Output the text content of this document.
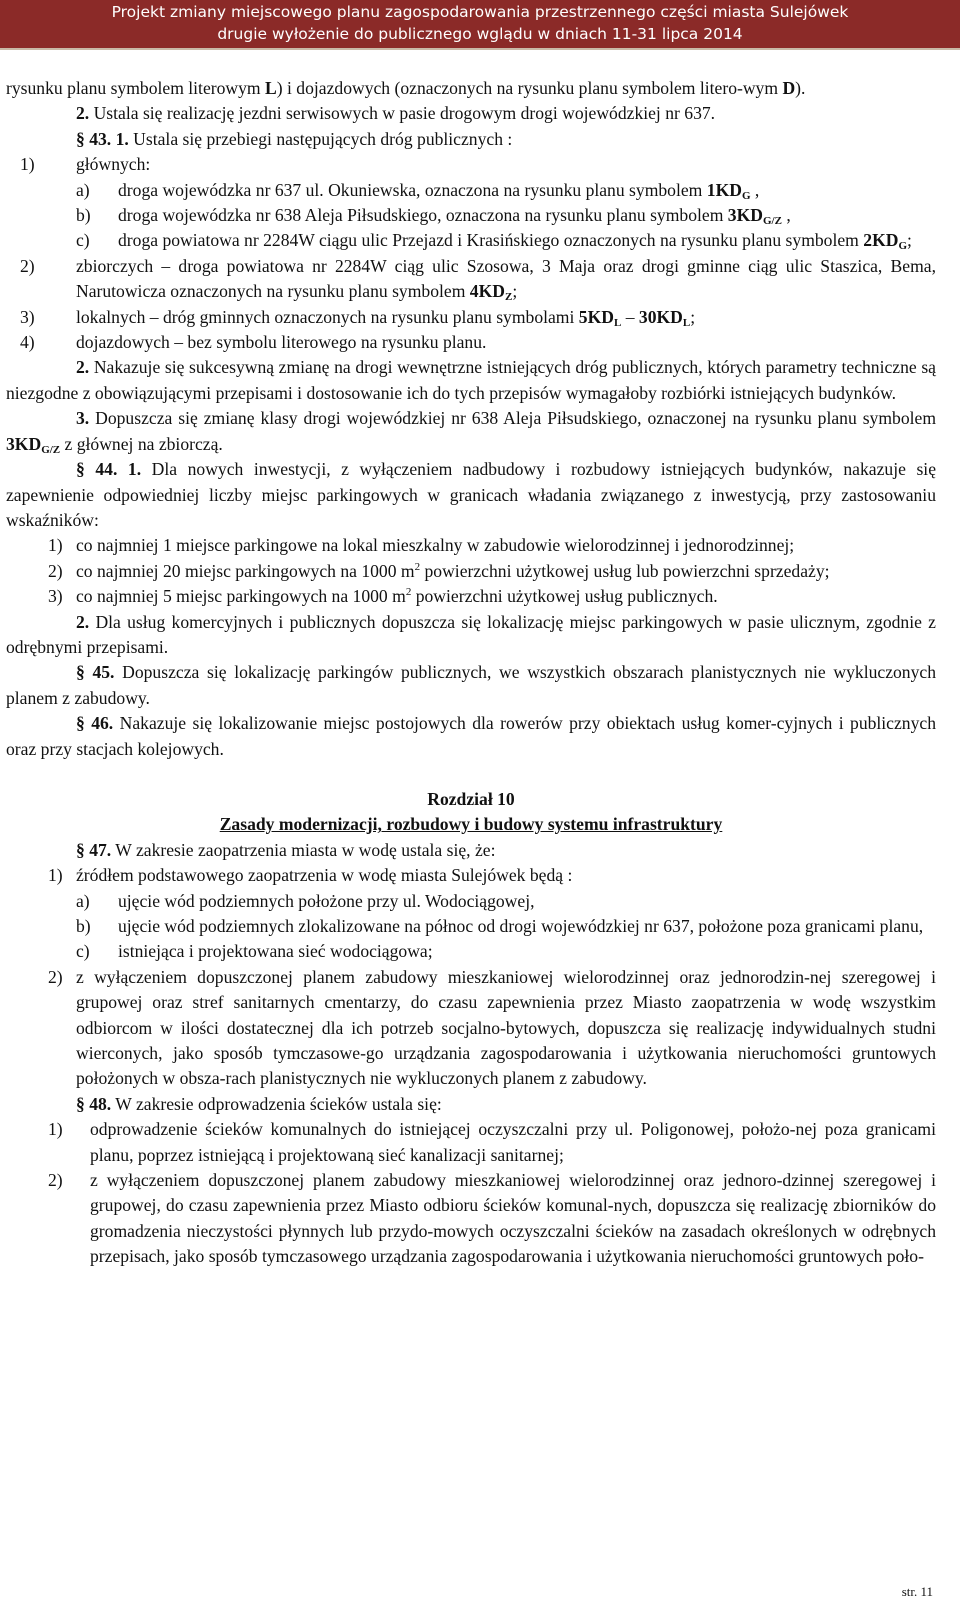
Projekt zmiany miejscowego planu zagospodarowania przestrzennego części miasta Sulejówek
drugie wyłożenie do publicznego wglądu w dniach 11-31 lipca 2014

rysunku planu symbolem literowym L) i dojazdowych (oznaczonych na rysunku planu symbolem litero-wym D).

2. Ustala się realizację jezdni serwisowych w pasie drogowym drogi wojewódzkiej nr 637.

§ 43. 1. Ustala się przebiegi następujących dróg publicznych :

1) głównych:
a) droga wojewódzka nr 637 ul. Okuniewska, oznaczona na rysunku planu symbolem $1KD_G$ ,
b) droga wojewódzka nr 638 Aleja Piłsudskiego, oznaczona na rysunku planu symbolem $3KD_{G/Z}$ ,
c) droga powiatowa nr 2284W ciągu ulic Przejazd i Krasińskiego oznaczonych na rysunku planu symbolem $2KD_G$;
2) zbiorczych – droga powiatowa nr 2284W ciąg ulic Szosowa, 3 Maja oraz drogi gminne ciąg ulic Staszica, Bema, Narutowicza oznaczonych na rysunku planu symbolem $4KD_Z$;
3) lokalnych – dróg gminnych oznaczonych na rysunku planu symbolami $5KD_L - 30KD_L$;
4) dojazdowych – bez symbolu literowego na rysunku planu.

2. Nakazuje się sukcesywną zmianę na drogi wewnętrzne istniejących dróg publicznych, których parametry techniczne są niezgodne z obowiązującymi przepisami i dostosowanie ich do tych przepisów wymagałoby rozbiórki istniejących budynków.

3. Dopuszcza się zmianę klasy drogi wojewódzkiej nr 638 Aleja Piłsudskiego, oznaczonej na rysunku planu symbolem $3KD_{G/Z}$ z głównej na zbiorczą.

§ 44. 1. Dla nowych inwestycji, z wyłączeniem nadbudowy i rozbudowy istniejących budynków, nakazuje się zapewnienie odpowiedniej liczby miejsc parkingowych w granicach władania związanego z inwestycją, przy zastosowaniu wskaźników:

1) co najmniej 1 miejsce parkingowe na lokal mieszkalny w zabudowie wielorodzinnej i jednorodzinnej;
2) co najmniej 20 miejsc parkingowych na 1000 $m^2$ powierzchni użytkowej usług lub powierzchni sprzedaży;
3) co najmniej 5 miejsc parkingowych na 1000 $m^2$ powierzchni użytkowej usług publicznych.

2. Dla usług komercyjnych i publicznych dopuszcza się lokalizację miejsc parkingowych w pasie ulicznym, zgodnie z odrębnymi przepisami.

§ 45. Dopuszcza się lokalizację parkingów publicznych, we wszystkich obszarach planistycznych nie wykluczonych planem z zabudowy.

§ 46. Nakazuje się lokalizowanie miejsc postojowych dla rowerów przy obiektach usług komer-cyjnych i publicznych oraz przy stacjach kolejowych.

Rozdział 10

Zasady modernizacji, rozbudowy i budowy systemu infrastruktury

§ 47. W zakresie zaopatrzenia miasta w wodę ustala się, że:

1) źródłem podstawowego zaopatrzenia w wodę miasta Sulejówek będą :
a) ujęcie wód podziemnych położone przy ul. Wodociągowej,
b) ujęcie wód podziemnych zlokalizowane na północ od drogi wojewódzkiej nr 637, położone poza granicami planu,
c) istniejąca i projektowana sieć wodociągowa;
2) z wyłączeniem dopuszczonej planem zabudowy mieszkaniowej wielorodzinnej oraz jednorodzin-nej szeregowej i grupowej oraz stref sanitarnych cmentarzy, do czasu zapewnienia przez Miasto zaopatrzenia w wodę wszystkim odbiorcom w ilości dostatecznej dla ich potrzeb socjalno-bytowych, dopuszcza się realizację indywidualnych studni wierconych, jako sposób tymczasowe-go urządzania zagospodarowania i użytkowania nieruchomości gruntowych położonych w obsza-rach planistycznych nie wykluczonych planem z zabudowy.

§ 48. W zakresie odprowadzenia ścieków ustala się:

1) odprowadzenie ścieków komunalnych do istniejącej oczyszczalni przy ul. Poligonowej, położo-nej poza granicami planu, poprzez istniejącą i projektowaną sieć kanalizacji sanitarnej;
2) z wyłączeniem dopuszczonej planem zabudowy mieszkaniowej wielorodzinnej oraz jednoro-dzinnej szeregowej i grupowej, do czasu zapewnienia przez Miasto odbioru ścieków komunal-nych, dopuszcza się realizację zbiorników do gromadzenia nieczystości płynnych lub przydo-mowych oczyszczalni ścieków na zasadach określonych w odrębnych przepisach, jako sposób tymczasowego urządzania zagospodarowania i użytkowania nieruchomości gruntowych poło-
str. 11
